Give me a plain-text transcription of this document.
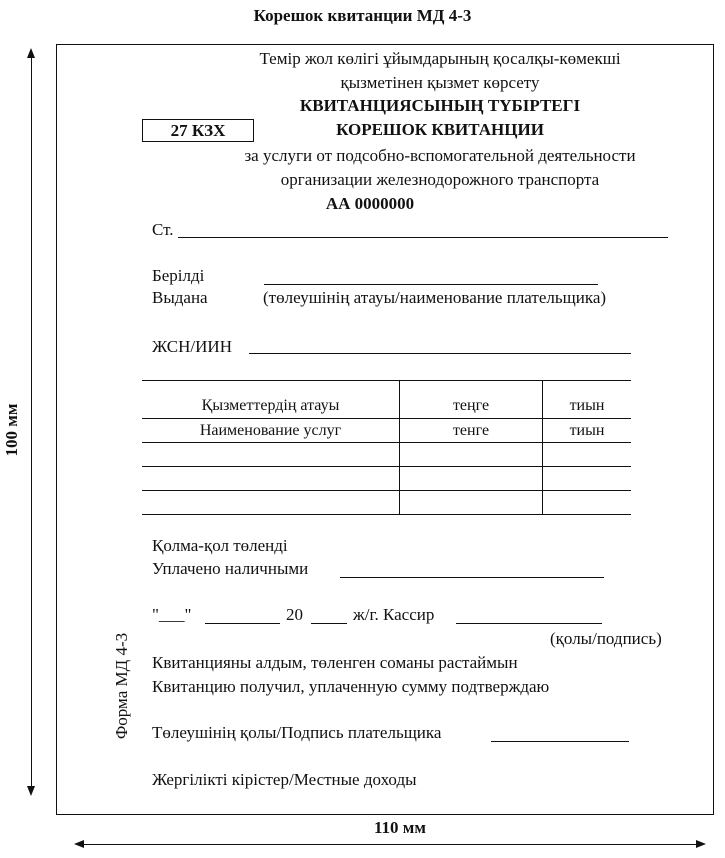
Корешок квитанции МД 4-3
100 мм
110 мм
Темір жол көлігі ұйымдарының қосалқы-көмекші
қызметінен қызмет көрсету
КВИТАНЦИЯСЫНЫҢ ТҮБІРТЕГІ
КОРЕШОК КВИТАНЦИИ
27 КЗХ
за услуги от подсобно-вспомогательной деятельности
организации железнодорожного транспорта
АА 0000000
Ст.
Берілді
Выдана	(төлеушінің атауы/наименование плательщика)
ЖСН/ИИН
Қызметтердің атауы	теңге	тиын
Наименование услуг	тенге	тиын

Қолма-қол төленді
Уплачено наличными
"___"	20	ж/г. Кассир
(қолы/подпись)
Квитанцияны алдым, төленген соманы растаймын
Квитанцию получил, уплаченную сумму подтверждаю
Төлеушінің қолы/Подпись плательщика
Жергілікті кірістер/Местные доходы
Форма МД 4-3
